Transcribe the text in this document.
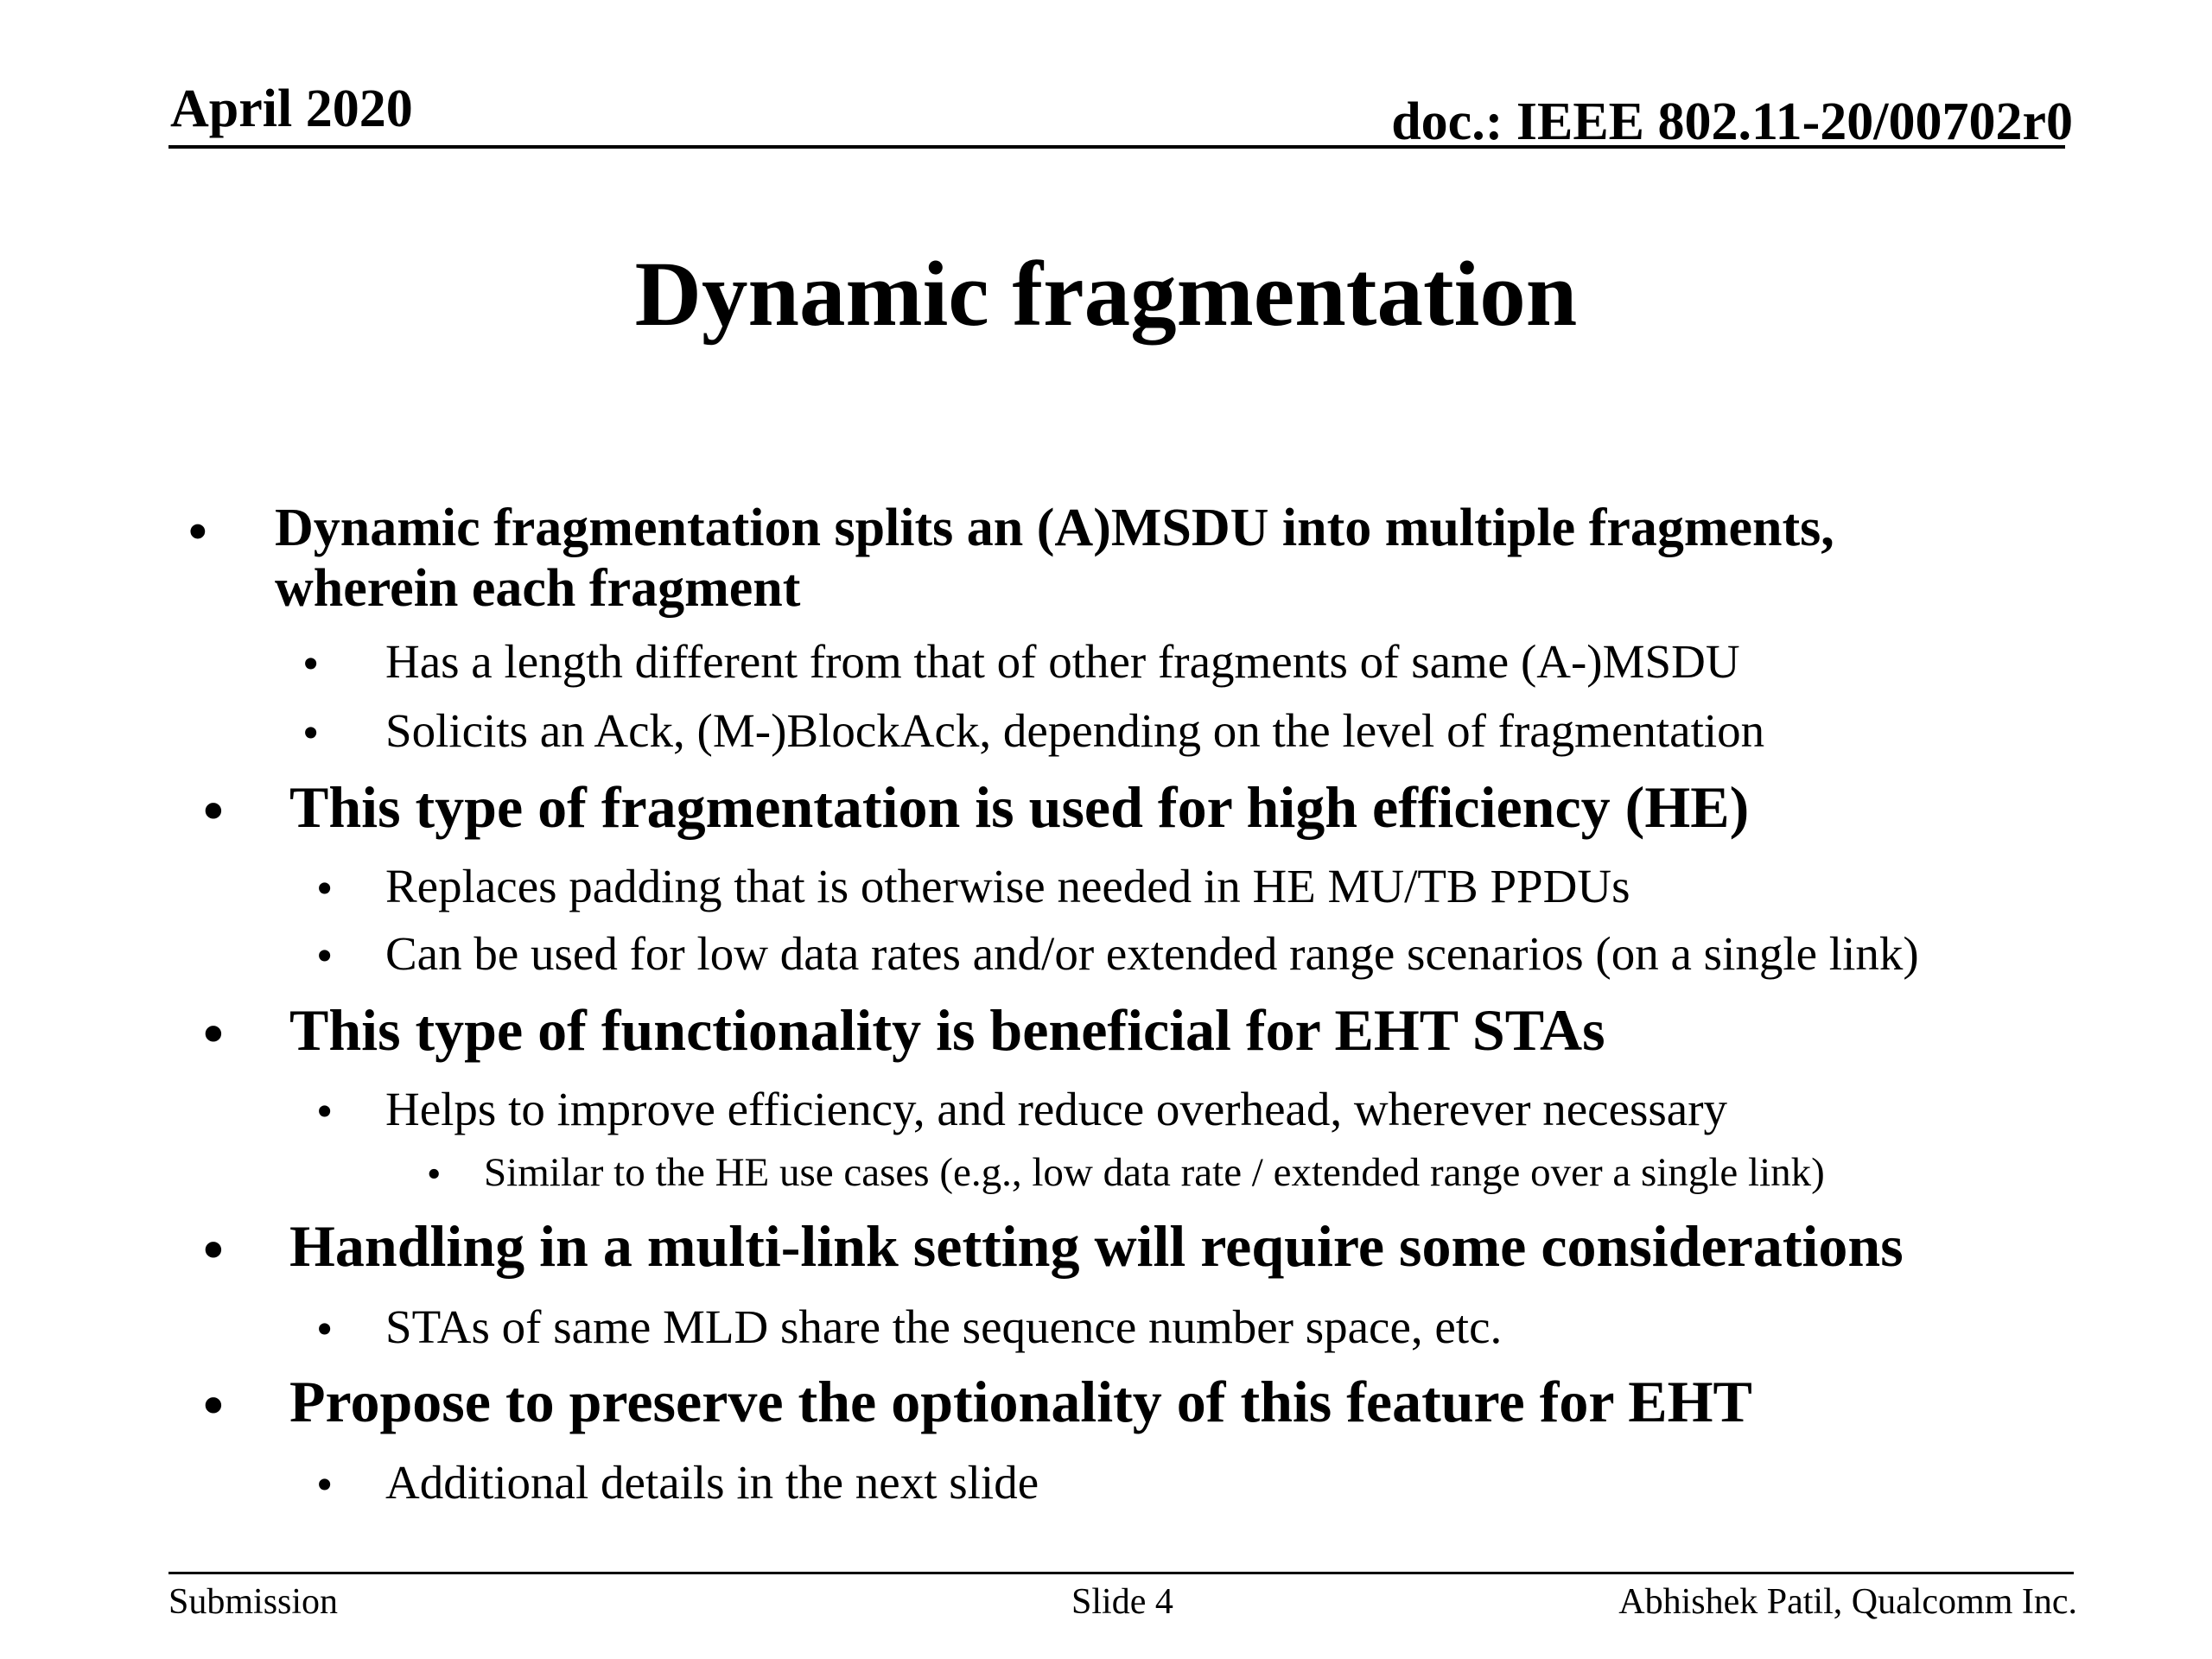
April 2020	doc.: IEEE 802.11-20/00702r0
Dynamic fragmentation
• Dynamic fragmentation splits an (A)MSDU into multiple fragments,
wherein each fragment
• Has a length different from that of other fragments of same (A-)MSDU
• Solicits an Ack, (M-)BlockAck, depending on the level of fragmentation
• This type of fragmentation is used for high efficiency (HE)
• Replaces padding that is otherwise needed in HE MU/TB PPDUs
• Can be used for low data rates and/or extended range scenarios (on a single link)
• This type of functionality is beneficial for EHT STAs
• Helps to improve efficiency, and reduce overhead, wherever necessary
• Similar to the HE use cases (e.g., low data rate / extended range over a single link)
• Handling in a multi-link setting will require some considerations
• STAs of same MLD share the sequence number space, etc.
• Propose to preserve the optionality of this feature for EHT
• Additional details in the next slide
Submission	Slide 4	Abhishek Patil, Qualcomm Inc.
